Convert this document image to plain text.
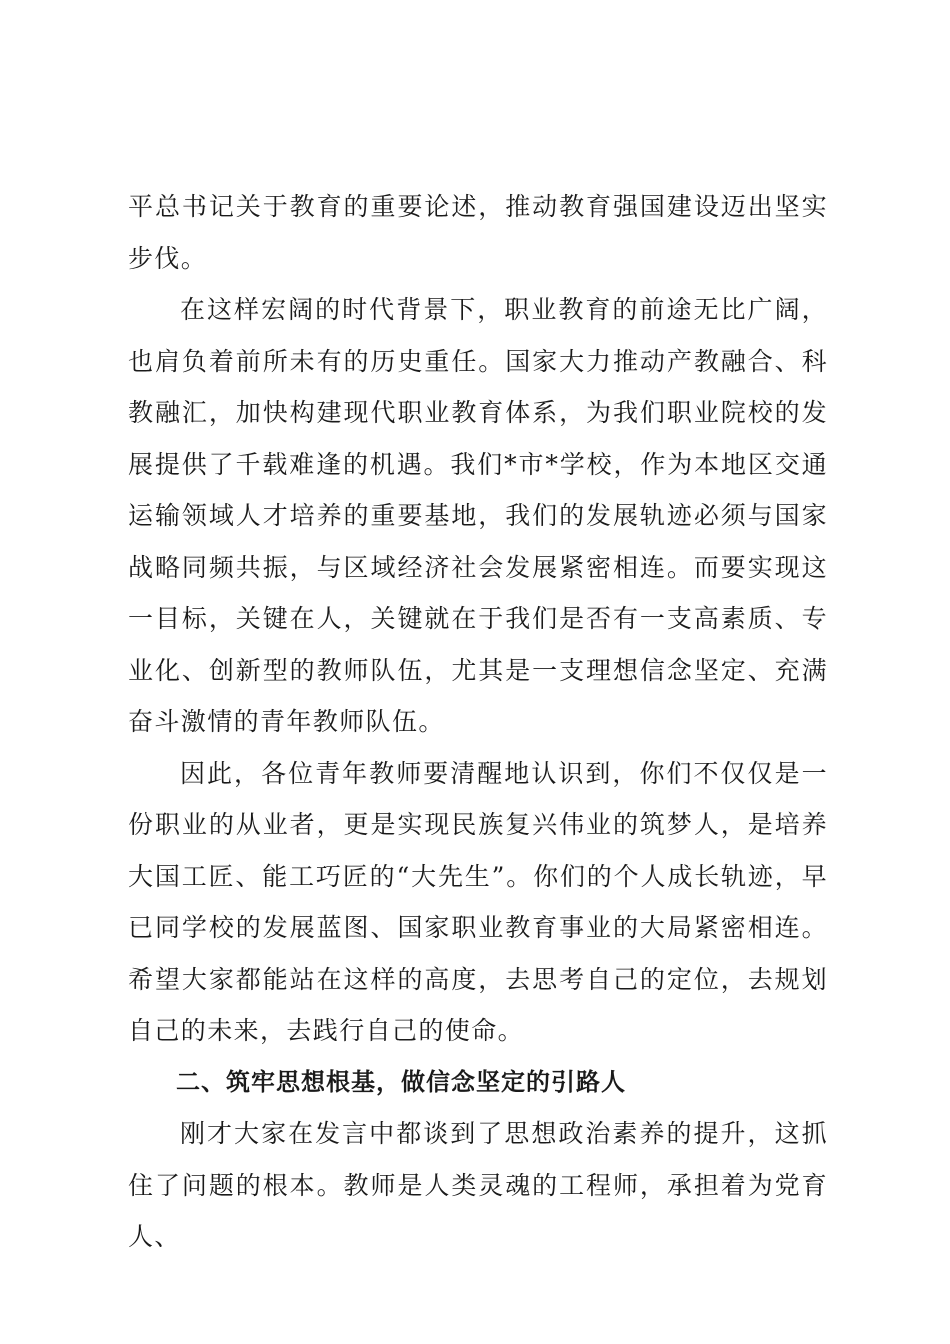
平总书记关于教育的重要论述，推动教育强国建设迈出坚实步伐。

在这样宏阔的时代背景下，职业教育的前途无比广阔，也肩负着前所未有的历史重任。国家大力推动产教融合、科教融汇，加快构建现代职业教育体系，为我们职业院校的发展提供了千载难逢的机遇。我们*市*学校，作为本地区交通运输领域人才培养的重要基地，我们的发展轨迹必须与国家战略同频共振，与区域经济社会发展紧密相连。而要实现这一目标，关键在人，关键就在于我们是否有一支高素质、专业化、创新型的教师队伍，尤其是一支理想信念坚定、充满奋斗激情的青年教师队伍。

因此，各位青年教师要清醒地认识到，你们不仅仅是一份职业的从业者，更是实现民族复兴伟业的筑梦人，是培养大国工匠、能工巧匠的“大先生”。你们的个人成长轨迹，早已同学校的发展蓝图、国家职业教育事业的大局紧密相连。希望大家都能站在这样的高度，去思考自己的定位，去规划自己的未来，去践行自己的使命。

二、筑牢思想根基，做信念坚定的引路人

刚才大家在发言中都谈到了思想政治素养的提升，这抓住了问题的根本。教师是人类灵魂的工程师，承担着为党育人、
